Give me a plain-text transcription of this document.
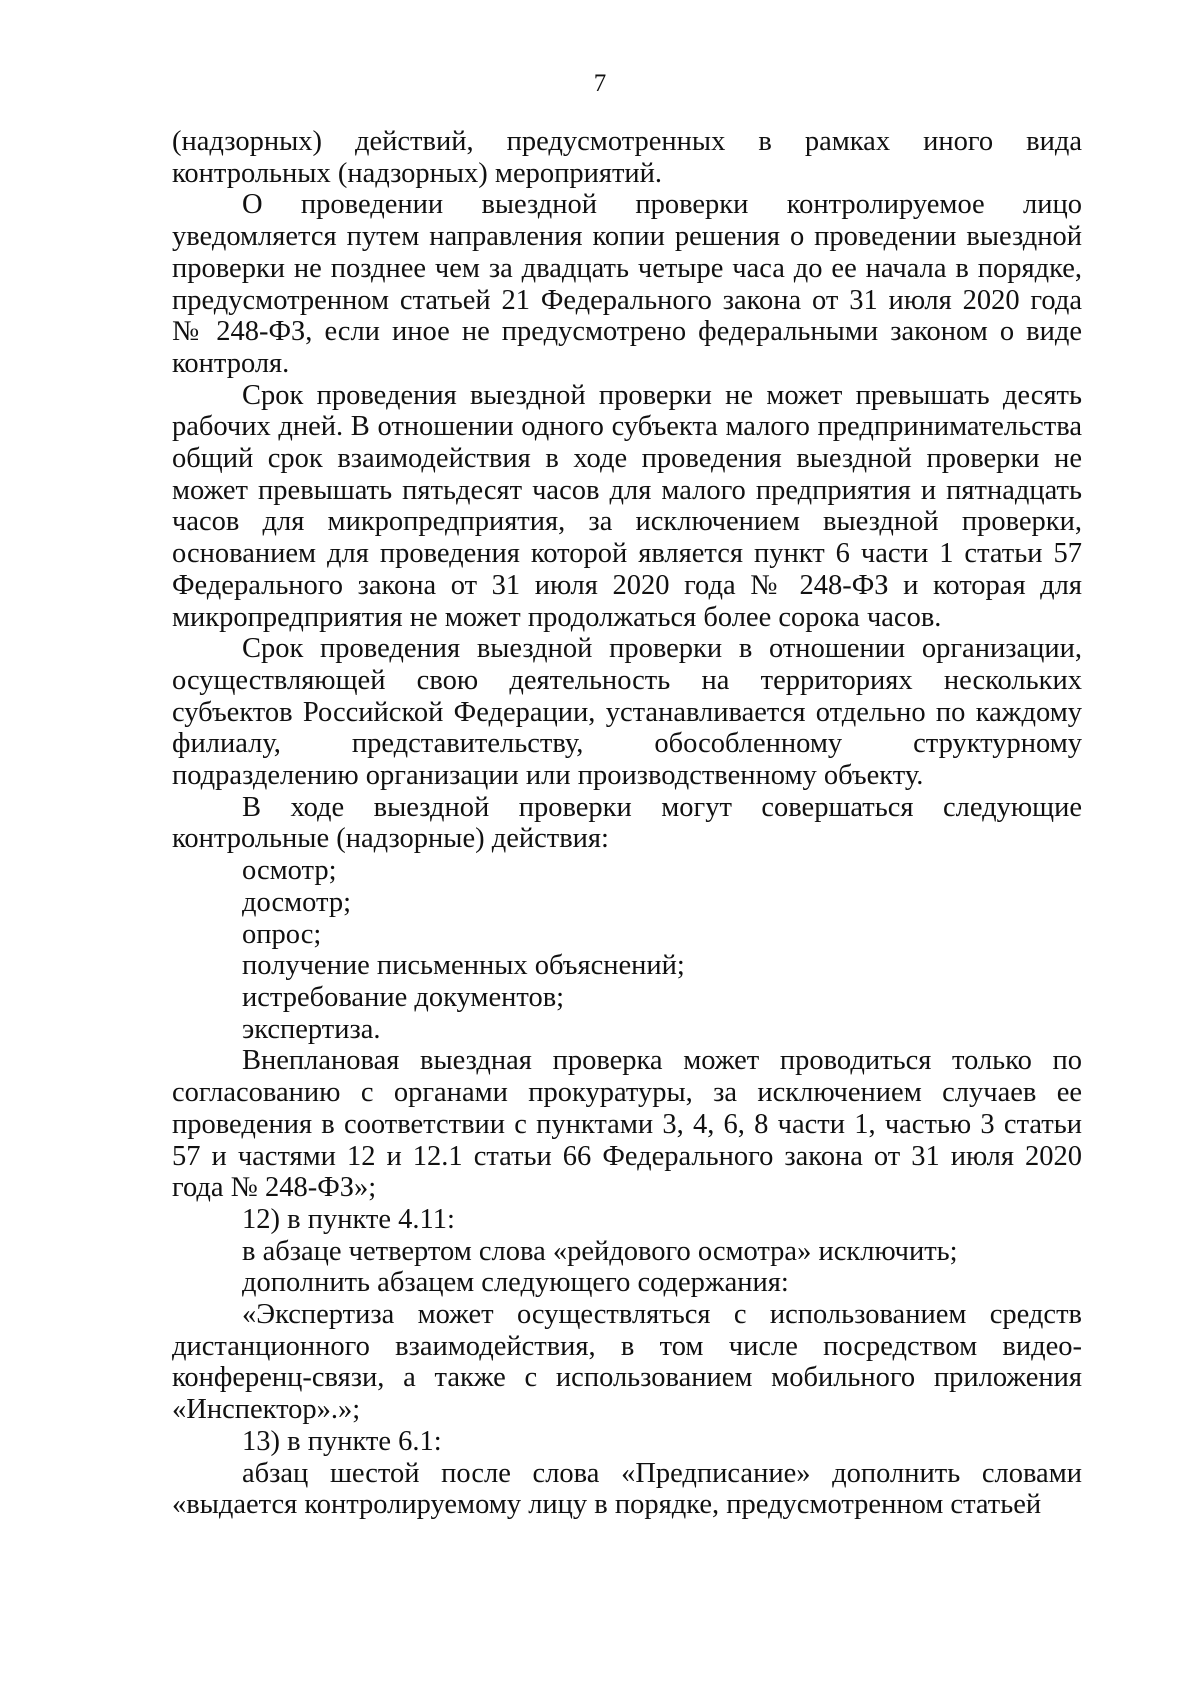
7

(надзорных) действий, предусмотренных в рамках иного вида контрольных (надзорных) мероприятий.

О проведении выездной проверки контролируемое лицо уведомляется путем направления копии решения о проведении выездной проверки не позднее чем за двадцать четыре часа до ее начала в порядке, предусмотренном статьей 21 Федерального закона от 31 июля 2020 года № 248-ФЗ, если иное не предусмотрено федеральными законом о виде контроля.

Срок проведения выездной проверки не может превышать десять рабочих дней. В отношении одного субъекта малого предпринимательства общий срок взаимодействия в ходе проведения выездной проверки не может превышать пятьдесят часов для малого предприятия и пятнадцать часов для микропредприятия, за исключением выездной проверки, основанием для проведения которой является пункт 6 части 1 статьи 57 Федерального закона от 31 июля 2020 года № 248-ФЗ и которая для микропредприятия не может продолжаться более сорока часов.

Срок проведения выездной проверки в отношении организации, осуществляющей свою деятельность на территориях нескольких субъектов Российской Федерации, устанавливается отдельно по каждому филиалу, представительству, обособленному структурному подразделению организации или производственному объекту.

В ходе выездной проверки могут совершаться следующие контрольные (надзорные) действия:

осмотр;

досмотр;

опрос;

получение письменных объяснений;

истребование документов;

экспертиза.

Внеплановая выездная проверка может проводиться только по согласованию с органами прокуратуры, за исключением случаев ее проведения в соответствии с пунктами 3, 4, 6, 8 части 1, частью 3 статьи 57 и частями 12 и 12.1 статьи 66 Федерального закона от 31 июля 2020 года № 248-ФЗ»;

12) в пункте 4.11:

в абзаце четвертом слова «рейдового осмотра» исключить;

дополнить абзацем следующего содержания:

«Экспертиза может осуществляться с использованием средств дистанционного взаимодействия, в том числе посредством видео-конференц-связи, а также с использованием мобильного приложения «Инспектор».»;

13) в пункте 6.1:

абзац шестой после слова «Предписание» дополнить словами «выдается контролируемому лицу в порядке, предусмотренном статьей
